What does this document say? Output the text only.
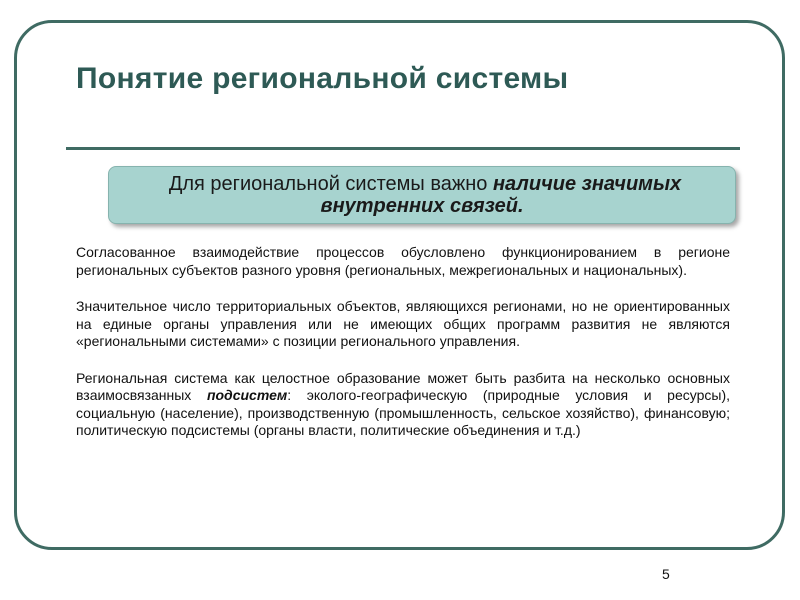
Понятие региональной системы
Для региональной системы важно наличие значимых
внутренних связей.

Согласованное взаимодействие процессов обусловлено функционированием в регионе региональных субъектов разного уровня (региональных, межрегиональных и национальных).

Значительное число территориальных объектов, являющихся регионами, но не ориентированных на единые органы управления или не имеющих общих программ развития не являются «региональными системами» с позиции регионального управления.

Региональная система как целостное образование может быть разбита на несколько основных взаимосвязанных подсистем: эколого-географическую (природные условия и ресурсы), социальную (население), производственную (промышленность, сельское хозяйство), финансовую; политическую подсистемы (органы власти, политические объединения и т.д.)

5
